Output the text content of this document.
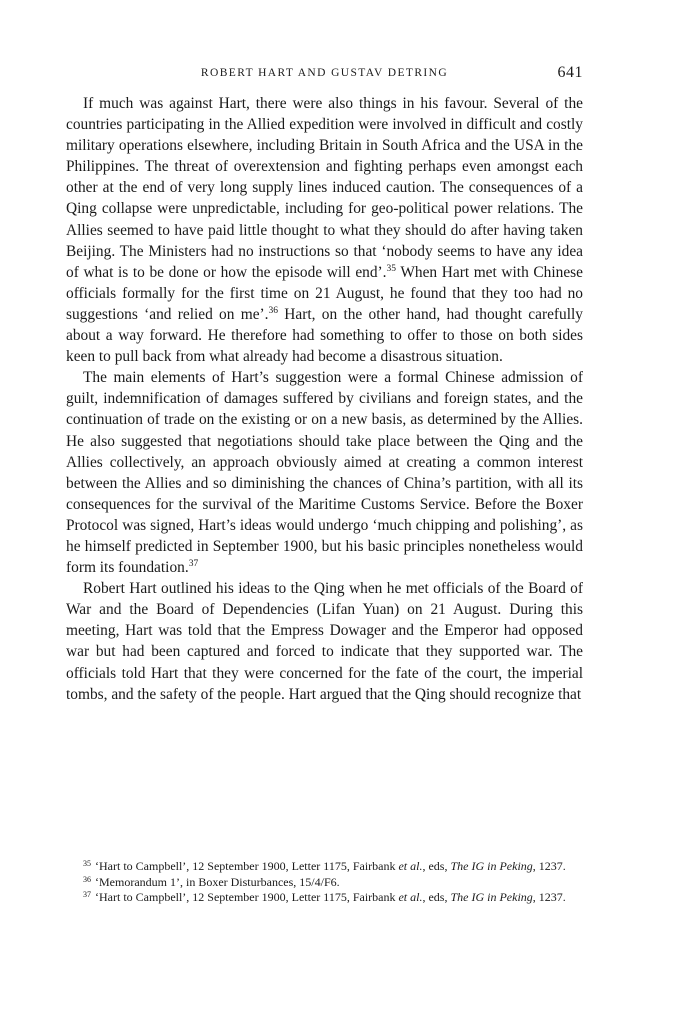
ROBERT HART AND GUSTAV DETRING	641

If much was against Hart, there were also things in his favour. Several of the countries participating in the Allied expedition were involved in difficult and costly military operations elsewhere, including Britain in South Africa and the USA in the Philippines. The threat of overextension and fighting perhaps even amongst each other at the end of very long supply lines induced caution. The consequences of a Qing collapse were unpredictable, including for geo-political power relations. The Allies seemed to have paid little thought to what they should do after having taken Beijing. The Ministers had no instructions so that ‘nobody seems to have any idea of what is to be done or how the episode will end’.$^{35}$ When Hart met with Chinese officials formally for the first time on 21 August, he found that they too had no suggestions ‘and relied on me’.$^{36}$ Hart, on the other hand, had thought carefully about a way forward. He therefore had something to offer to those on both sides keen to pull back from what already had become a disastrous situation.

The main elements of Hart’s suggestion were a formal Chinese admission of guilt, indemnification of damages suffered by civilians and foreign states, and the continuation of trade on the existing or on a new basis, as determined by the Allies. He also suggested that negotiations should take place between the Qing and the Allies collectively, an approach obviously aimed at creating a common interest between the Allies and so diminishing the chances of China’s partition, with all its consequences for the survival of the Maritime Customs Service. Before the Boxer Protocol was signed, Hart’s ideas would undergo ‘much chipping and polishing’, as he himself predicted in September 1900, but his basic principles nonetheless would form its foundation.$^{37}$

Robert Hart outlined his ideas to the Qing when he met officials of the Board of War and the Board of Dependencies (Lifan Yuan) on 21 August. During this meeting, Hart was told that the Empress Dowager and the Emperor had opposed war but had been captured and forced to indicate that they supported war. The officials told Hart that they were concerned for the fate of the court, the imperial tombs, and the safety of the people. Hart argued that the Qing should recognize that

$^{35}$ ‘Hart to Campbell’, 12 September 1900, Letter 1175, Fairbank et al., eds, The IG in Peking, 1237.

$^{36}$ ‘Memorandum 1’, in Boxer Disturbances, 15/4/F6.

$^{37}$ ‘Hart to Campbell’, 12 September 1900, Letter 1175, Fairbank et al., eds, The IG in Peking, 1237.
